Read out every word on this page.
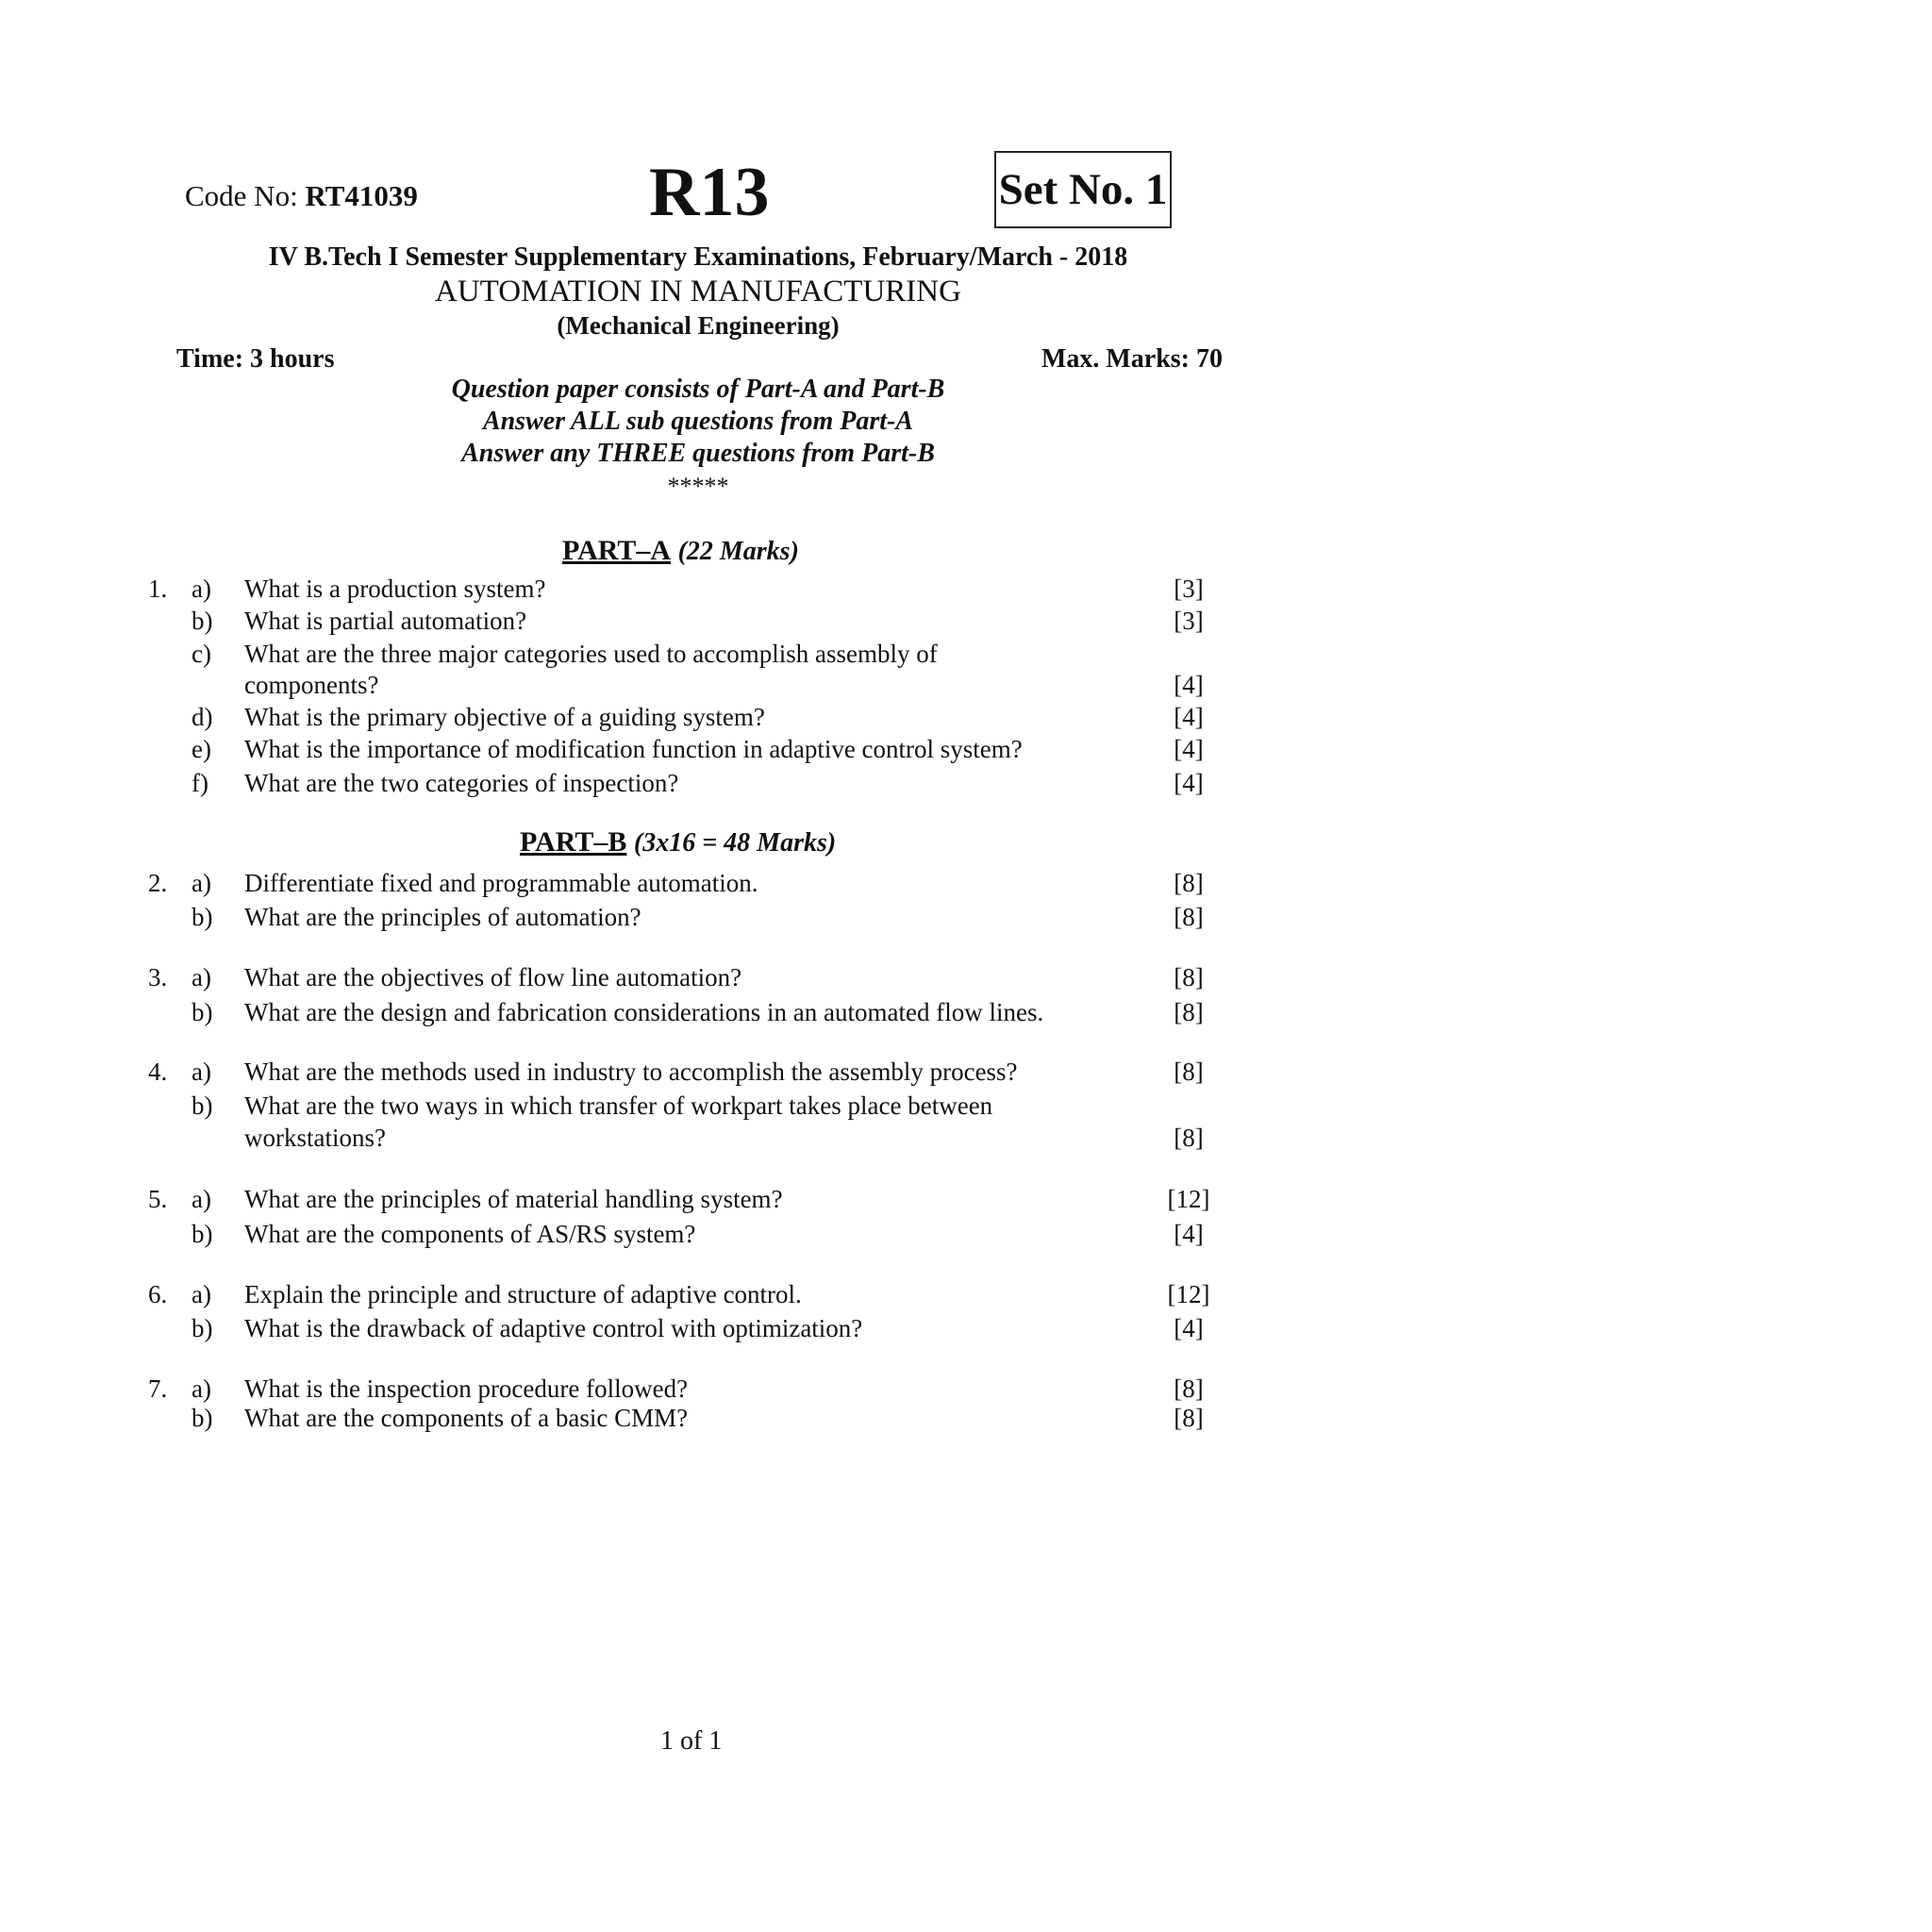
Code No: RT41039	R13	Set No. 1
IV B.Tech I Semester Supplementary Examinations, February/March - 2018
AUTOMATION IN MANUFACTURING
(Mechanical Engineering)
Time: 3 hours	Max. Marks: 70
Question paper consists of Part-A and Part-B
Answer ALL sub questions from Part-A
Answer any THREE questions from Part-B
*****
PART–A (22 Marks)
1. a) What is a production system?	[3]
b) What is partial automation?	[3]
c) What are the three major categories used to accomplish assembly of
components?	[4]
d) What is the primary objective of a guiding system?	[4]
e) What is the importance of modification function in adaptive control system?	[4]
f) What are the two categories of inspection?	[4]
PART–B (3x16 = 48 Marks)
2. a) Differentiate fixed and programmable automation.	[8]
b) What are the principles of automation?	[8]
3. a) What are the objectives of flow line automation?	[8]
b) What are the design and fabrication considerations in an automated flow lines.	[8]
4. a) What are the methods used in industry to accomplish the assembly process?	[8]
b) What are the two ways in which transfer of workpart takes place between
workstations?	[8]
5. a) What are the principles of material handling system?	[12]
b) What are the components of AS/RS system?	[4]
6. a) Explain the principle and structure of adaptive control.	[12]
b) What is the drawback of adaptive control with optimization?	[4]
7. a) What is the inspection procedure followed?	[8]
b) What are the components of a basic CMM?	[8]
1 of 1
